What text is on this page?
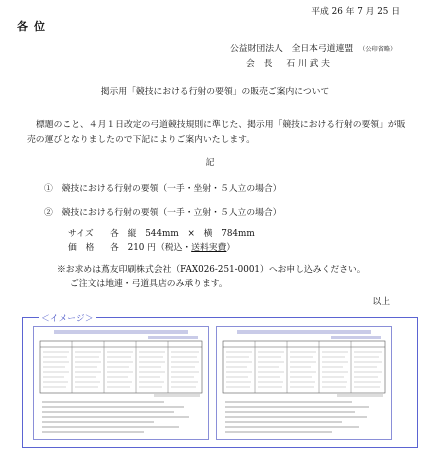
平成 26 年 7 月 25 日
各位
公益財団法人　全日本弓道連盟 （公印省略）
会　長 石 川 武 夫
掲示用「競技における行射の要領」の販売ご案内について
標題のこと、４月１日改定の弓道競技規則に準じた、掲示用「競技における行射の要領」が販売の運びとなりましたので下記によりご案内いたします。
記
①　競技における行射の要領（一手・坐射・５人立の場合）
②　競技における行射の要領（一手・立射・５人立の場合）
サイズ 各　縦　544mm　×　横　784mm
価　格 各　210 円（税込・送料実費）
※お求めは蔦友印刷株式会社（FAX026-251-0001）へお申し込みください。
ご注文は地連・弓道具店のみ承ります。
以上
＜イメージ＞
